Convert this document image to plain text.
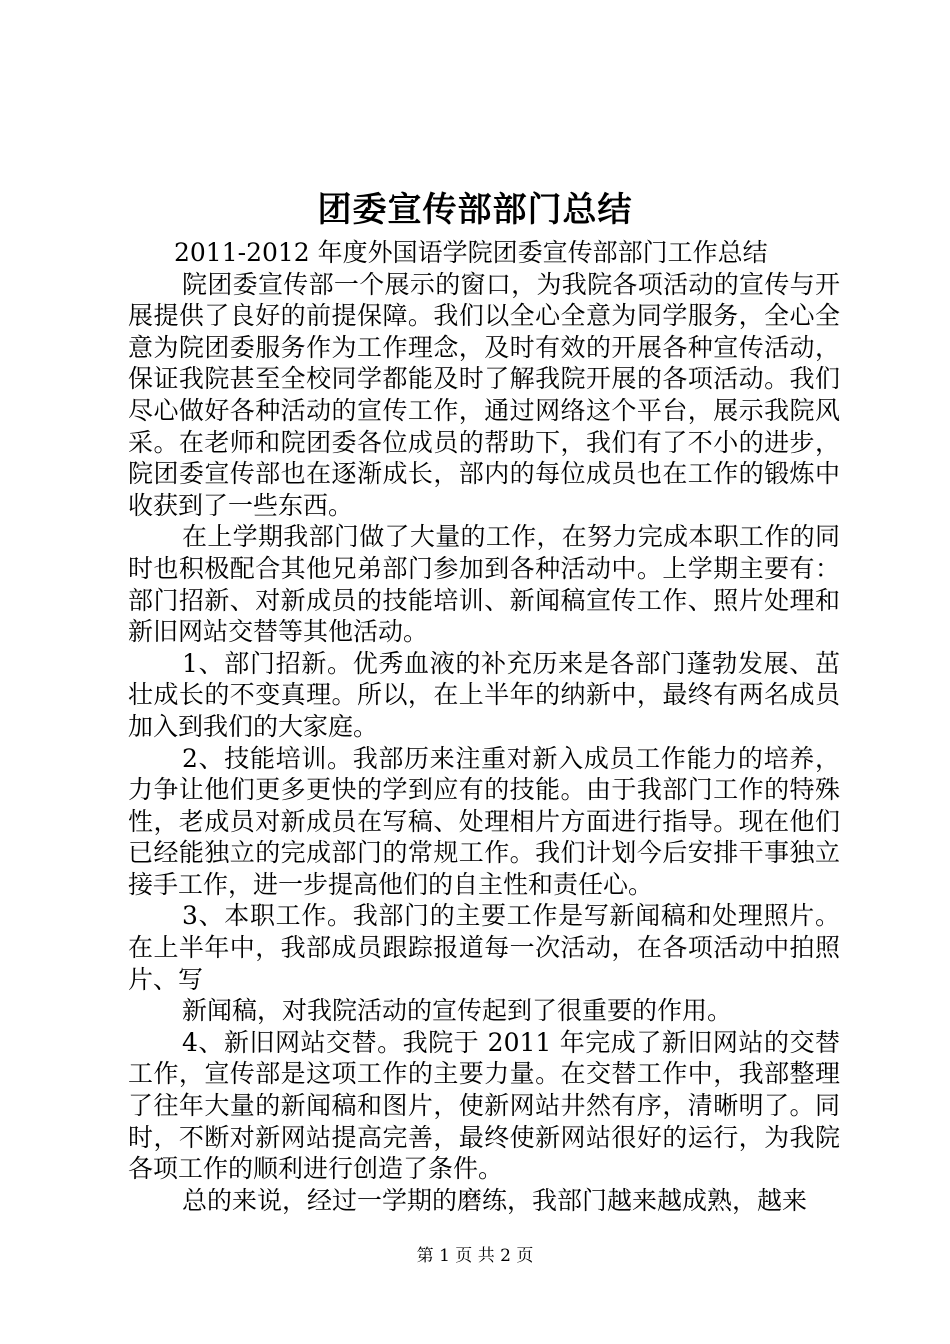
团委宣传部部门总结

2011-2012 年度外国语学院团委宣传部部门工作总结

院团委宣传部一个展示的窗口，为我院各项活动的宣传与开展提供了良好的前提保障。我们以全心全意为同学服务，全心全意为院团委服务作为工作理念，及时有效的开展各种宣传活动，保证我院甚至全校同学都能及时了解我院开展的各项活动。我们尽心做好各种活动的宣传工作，通过网络这个平台，展示我院风采。在老师和院团委各位成员的帮助下，我们有了不小的进步，院团委宣传部也在逐渐成长，部内的每位成员也在工作的锻炼中收获到了一些东西。

在上学期我部门做了大量的工作，在努力完成本职工作的同时也积极配合其他兄弟部门参加到各种活动中。上学期主要有：部门招新、对新成员的技能培训、新闻稿宣传工作、照片处理和新旧网站交替等其他活动。

1、部门招新。优秀血液的补充历来是各部门蓬勃发展、茁壮成长的不变真理。所以，在上半年的纳新中，最终有两名成员加入到我们的大家庭。

2、技能培训。我部历来注重对新入成员工作能力的培养，力争让他们更多更快的学到应有的技能。由于我部门工作的特殊性，老成员对新成员在写稿、处理相片方面进行指导。现在他们已经能独立的完成部门的常规工作。我们计划今后安排干事独立接手工作，进一步提高他们的自主性和责任心。

3、本职工作。我部门的主要工作是写新闻稿和处理照片。在上半年中，我部成员跟踪报道每一次活动，在各项活动中拍照片、写

新闻稿，对我院活动的宣传起到了很重要的作用。

4、新旧网站交替。我院于 2011 年完成了新旧网站的交替工作，宣传部是这项工作的主要力量。在交替工作中，我部整理了往年大量的新闻稿和图片，使新网站井然有序，清晰明了。同时，不断对新网站提高完善，最终使新网站很好的运行，为我院各项工作的顺利进行创造了条件。

总的来说，经过一学期的磨练，我部门越来越成熟，越来

第 1 页 共 2 页
